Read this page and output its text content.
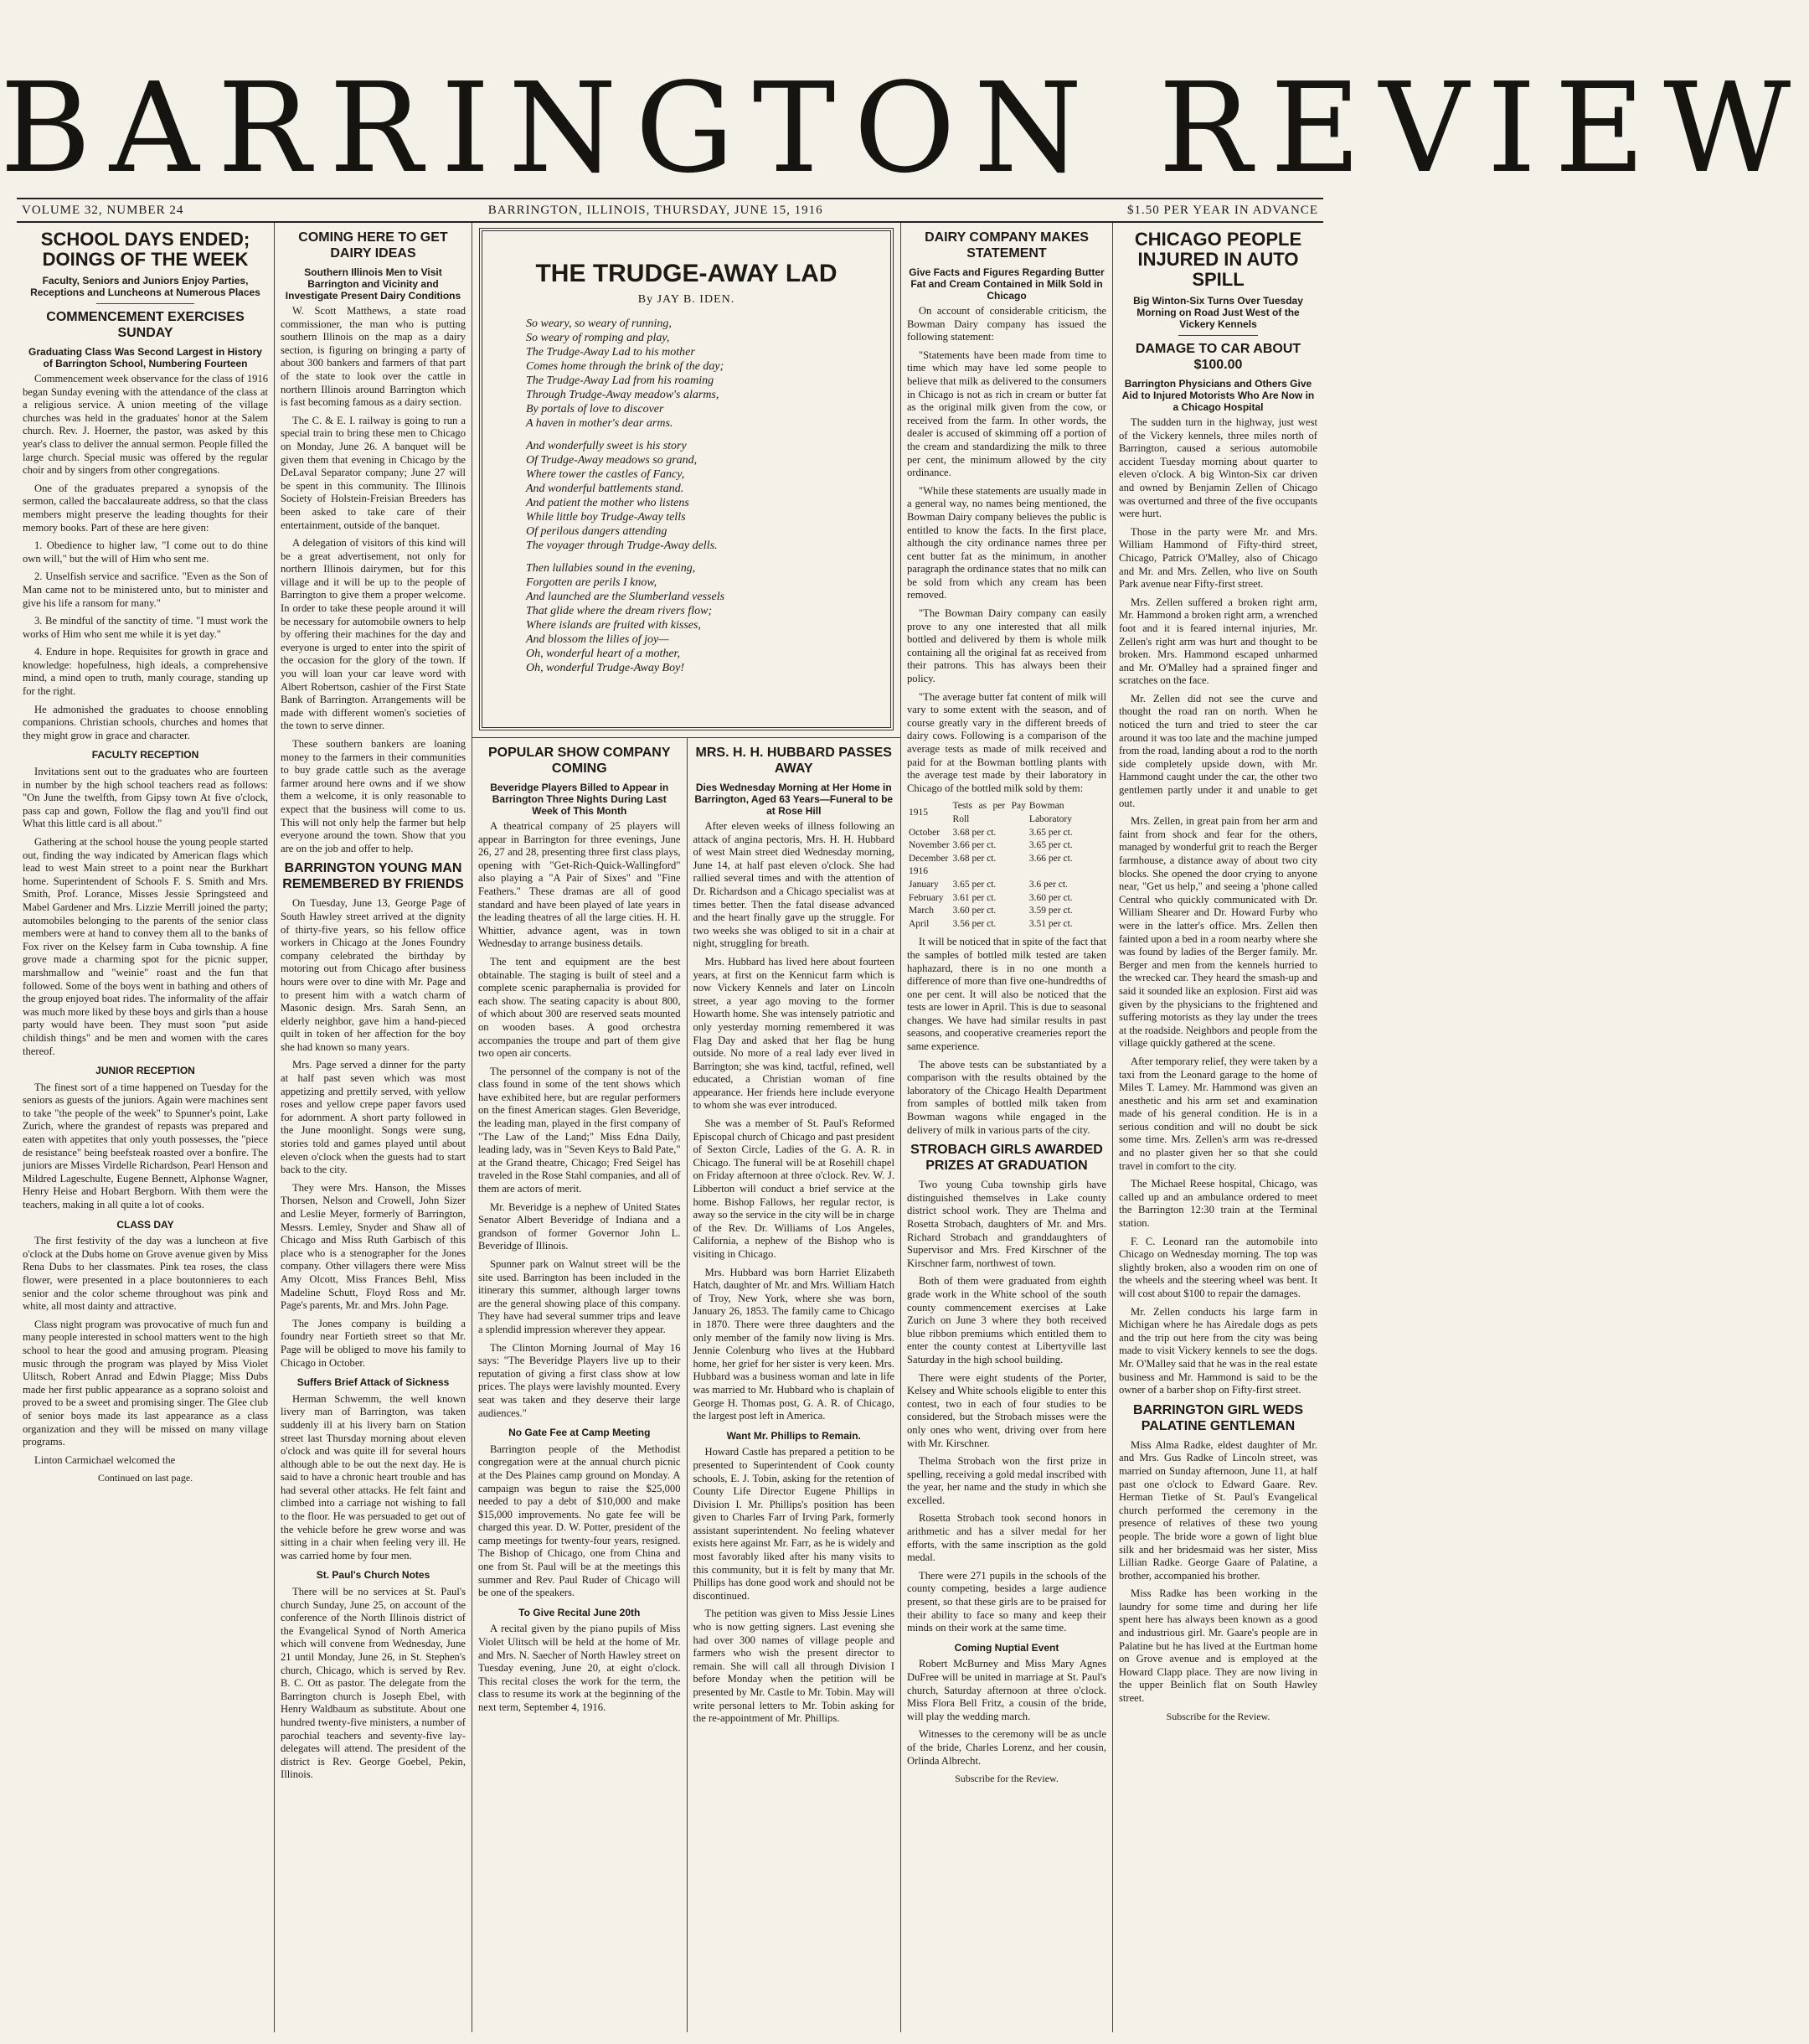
BARRINGTON REVIEW
VOLUME 32, NUMBER 24	BARRINGTON, ILLINOIS, THURSDAY, JUNE 15, 1916	$1.50 PER YEAR IN ADVANCE
SCHOOL DAYS ENDED; DOINGS OF THE WEEK
Faculty, Seniors and Juniors Enjoy Parties, Receptions and Luncheons at Numerous Places
COMMENCEMENT EXERCISES SUNDAY
Graduating Class Was Second Largest in History of Barrington School, Numbering Fourteen

Commencement week observance for the class of 1916 began Sunday evening with the attendance of the class at a religious service. A union meeting of the village churches was held in the graduates' honor at the Salem church. Rev. J. Hoerner, the pastor, was asked by this year's class to deliver the annual sermon. People filled the large church. Special music was offered by the regular choir and by singers from other congregations.

One of the graduates prepared a synopsis of the sermon, called the baccalaureate address, so that the class members might preserve the leading thoughts for their memory books. Part of these are here given:

1. Obedience to higher law, "I come out to do thine own will," but the will of Him who sent me.

2. Unselfish service and sacrifice. "Even as the Son of Man came not to be ministered unto, but to minister and give his life a ransom for many."

3. Be mindful of the sanctity of time. "I must work the works of Him who sent me while it is yet day."

4. Endure in hope. Requisites for growth in grace and knowledge: hopefulness, high ideals, a comprehensive mind, a mind open to truth, manly courage, standing up for the right.

He admonished the graduates to choose ennobling companions. Christian schools, churches and homes that they might grow in grace and character.

FACULTY RECEPTION

Invitations sent out to the graduates who are fourteen in number by the high school teachers read as follows: "On June the twelfth, from Gipsy town At five o'clock, pass cap and gown, Follow the flag and you'll find out What this little card is all about."

Gathering at the school house the young people started out, finding the way indicated by American flags which lead to west Main street to a point near the Burkhart home. Superintendent of Schools F. S. Smith and Mrs. Smith, Prof. Lorance, Misses Jessie Springsteed and Mabel Gardener and Mrs. Lizzie Merrill joined the party; automobiles belonging to the parents of the senior class members were at hand to convey them all to the banks of Fox river on the Kelsey farm in Cuba township. A fine grove made a charming spot for the picnic supper, marshmallow and "weinie" roast and the fun that followed. Some of the boys went in bathing and others of the group enjoyed boat rides. The informality of the affair was much more liked by these boys and girls than a house party would have been. They must soon "put aside childish things" and be men and women with the cares thereof.

JUNIOR RECEPTION

The finest sort of a time happened on Tuesday for the seniors as guests of the juniors. Again were machines sent to take "the people of the week" to Spunner's point, Lake Zurich, where the grandest of repasts was prepared and eaten with appetites that only youth possesses, the "piece de resistance" being beefsteak roasted over a bonfire. The juniors are Misses Virdelle Richardson, Pearl Henson and Mildred Lageschulte, Eugene Bennett, Alphonse Wagner, Henry Heise and Hobart Bergborn. With them were the teachers, making in all quite a lot of cooks.

CLASS DAY

The first festivity of the day was a luncheon at five o'clock at the Dubs home on Grove avenue given by Miss Rena Dubs to her classmates. Pink tea roses, the class flower, were presented in a place boutonnieres to each senior and the color scheme throughout was pink and white, all most dainty and attractive.

Class night program was provocative of much fun and many people interested in school matters went to the high school to hear the good and amusing program. Pleasing music through the program was played by Miss Violet Ulitsch, Robert Anrad and Edwin Plagge; Miss Dubs made her first public appearance as a soprano soloist and proved to be a sweet and promising singer. The Glee club of senior boys made its last appearance as a class organization and they will be missed on many village programs.

Linton Carmichael welcomed the

Continued on last page.
COMING HERE TO GET DAIRY IDEAS
Southern Illinois Men to Visit Barrington and Vicinity and Investigate Present Dairy Conditions

W. Scott Matthews, a state road commissioner, the man who is putting southern Illinois on the map as a dairy section, is figuring on bringing a party of about 300 bankers and farmers of that part of the state to look over the cattle in northern Illinois around Barrington which is fast becoming famous as a dairy section.

The C. & E. I. railway is going to run a special train to bring these men to Chicago on Monday, June 26. A banquet will be given them that evening in Chicago by the DeLaval Separator company; June 27 will be spent in this community. The Illinois Society of Holstein-Freisian Breeders has been asked to take care of their entertainment, outside of the banquet.

A delegation of visitors of this kind will be a great advertisement, not only for northern Illinois dairymen, but for this village and it will be up to the people of Barrington to give them a proper welcome. In order to take these people around it will be necessary for automobile owners to help by offering their machines for the day and everyone is urged to enter into the spirit of the occasion for the glory of the town. If you will loan your car leave word with Albert Robertson, cashier of the First State Bank of Barrington. Arrangements will be made with different women's societies of the town to serve dinner.

These southern bankers are loaning money to the farmers in their communities to buy grade cattle such as the average farmer around here owns and if we show them a welcome, it is only reasonable to expect that the business will come to us. This will not only help the farmer but help everyone around the town. Show that you are on the job and offer to help.

BARRINGTON YOUNG MAN REMEMBERED BY FRIENDS

On Tuesday, June 13, George Page of South Hawley street arrived at the dignity of thirty-five years, so his fellow office workers in Chicago at the Jones Foundry company celebrated the birthday by motoring out from Chicago after business hours were over to dine with Mr. Page and to present him with a watch charm of Masonic design. Mrs. Sarah Senn, an elderly neighbor, gave him a hand-pieced quilt in token of her affection for the boy she had known so many years.

Mrs. Page served a dinner for the party at half past seven which was most appetizing and prettily served, with yellow roses and yellow crepe paper favors used for adornment. A short party followed in the June moonlight. Songs were sung, stories told and games played until about eleven o'clock when the guests had to start back to the city.

They were Mrs. Hanson, the Misses Thorsen, Nelson and Crowell, John Sizer and Leslie Meyer, formerly of Barrington, Messrs. Lemley, Snyder and Shaw all of Chicago and Miss Ruth Garbisch of this place who is a stenographer for the Jones company. Other villagers there were Miss Amy Olcott, Miss Frances Behl, Miss Madeline Schutt, Floyd Ross and Mr. Page's parents, Mr. and Mrs. John Page.

The Jones company is building a foundry near Fortieth street so that Mr. Page will be obliged to move his family to Chicago in October.

Suffers Brief Attack of Sickness

Herman Schwemm, the well known livery man of Barrington, was taken suddenly ill at his livery barn on Station street last Thursday morning about eleven o'clock and was quite ill for several hours although able to be out the next day. He is said to have a chronic heart trouble and has had several other attacks. He felt faint and climbed into a carriage not wishing to fall to the floor. He was persuaded to get out of the vehicle before he grew worse and was sitting in a chair when feeling very ill. He was carried home by four men.

St. Paul's Church Notes

There will be no services at St. Paul's church Sunday, June 25, on account of the conference of the North Illinois district of the Evangelical Synod of North America which will convene from Wednesday, June 21 until Monday, June 26, in St. Stephen's church, Chicago, which is served by Rev. B. C. Ott as pastor. The delegate from the Barrington church is Joseph Ebel, with Henry Waldbaum as substitute. About one hundred twenty-five ministers, a number of parochial teachers and seventy-five lay-delegates will attend. The president of the district is Rev. George Goebel, Pekin, Illinois.

THE TRUDGE-AWAY LAD
By JAY B. IDEN.

So weary, so weary of running,
So weary of romping and play,
The Trudge-Away Lad to his mother
Comes home through the brink of the day;
The Trudge-Away Lad from his roaming
Through Trudge-Away meadow's alarms,
By portals of love to discover
A haven in mother's dear arms.

And wonderfully sweet is his story
Of Trudge-Away meadows so grand,
Where tower the castles of Fancy,
And wonderful battlements stand.
And patient the mother who listens
While little boy Trudge-Away tells
Of perilous dangers attending
The voyager through Trudge-Away dells.

Then lullabies sound in the evening,
Forgotten are perils I know,
And launched are the Slumberland vessels
That glide where the dream rivers flow;
Where islands are fruited with kisses,
And blossom the lilies of joy—
Oh, wonderful heart of a mother,
Oh, wonderful Trudge-Away Boy!

POPULAR SHOW COMPANY COMING
Beveridge Players Billed to Appear in Barrington Three Nights During Last Week of This Month

A theatrical company of 25 players will appear in Barrington for three evenings, June 26, 27 and 28, presenting three first class plays, opening with "Get-Rich-Quick-Wallingford" also playing a "A Pair of Sixes" and "Fine Feathers." These dramas are all of good standard and have been played of late years in the leading theatres of all the large cities. H. H. Whittier, advance agent, was in town Wednesday to arrange business details.

The tent and equipment are the best obtainable. The staging is built of steel and a complete scenic paraphernalia is provided for each show. The seating capacity is about 800, of which about 300 are reserved seats mounted on wooden bases. A good orchestra accompanies the troupe and part of them give two open air concerts.

The personnel of the company is not of the class found in some of the tent shows which have exhibited here, but are regular performers on the finest American stages. Glen Beveridge, the leading man, played in the first company of "The Law of the Land;" Miss Edna Daily, leading lady, was in "Seven Keys to Bald Pate," at the Grand theatre, Chicago; Fred Seigel has traveled in the Rose Stahl companies, and all of them are actors of merit.

Mr. Beveridge is a nephew of United States Senator Albert Beveridge of Indiana and a grandson of former Governor John L. Beveridge of Illinois.

Spunner park on Walnut street will be the site used. Barrington has been included in the itinerary this summer, although larger towns are the general showing place of this company. They have had several summer trips and leave a splendid impression wherever they appear.

The Clinton Morning Journal of May 16 says: "The Beveridge Players live up to their reputation of giving a first class show at low prices. The plays were lavishly mounted. Every seat was taken and they deserve their large audiences."

No Gate Fee at Camp Meeting

Barrington people of the Methodist congregation were at the annual church picnic at the Des Plaines camp ground on Monday. A campaign was begun to raise the $25,000 needed to pay a debt of $10,000 and make $15,000 improvements. No gate fee will be charged this year. D. W. Potter, president of the camp meetings for twenty-four years, resigned. The Bishop of Chicago, one from China and one from St. Paul will be at the meetings this summer and Rev. Paul Ruder of Chicago will be one of the speakers.

To Give Recital June 20th

A recital given by the piano pupils of Miss Violet Ulitsch will be held at the home of Mr. and Mrs. N. Saecher of North Hawley street on Tuesday evening, June 20, at eight o'clock. This recital closes the work for the term, the class to resume its work at the beginning of the next term, September 4, 1916.

MRS. H. H. HUBBARD PASSES AWAY
Dies Wednesday Morning at Her Home in Barrington, Aged 63 Years—Funeral to be at Rose Hill

After eleven weeks of illness following an attack of angina pectoris, Mrs. H. H. Hubbard of west Main street died Wednesday morning, June 14, at half past eleven o'clock. She had rallied several times and with the attention of Dr. Richardson and a Chicago specialist was at times better. Then the fatal disease advanced and the heart finally gave up the struggle. For two weeks she was obliged to sit in a chair at night, struggling for breath.

Mrs. Hubbard has lived here about fourteen years, at first on the Kennicut farm which is now Vickery Kennels and later on Lincoln street, a year ago moving to the former Howarth home. She was intensely patriotic and only yesterday morning remembered it was Flag Day and asked that her flag be hung outside. No more of a real lady ever lived in Barrington; she was kind, tactful, refined, well educated, a Christian woman of fine appearance. Her friends here include everyone to whom she was ever introduced.

She was a member of St. Paul's Reformed Episcopal church of Chicago and past president of Sexton Circle, Ladies of the G. A. R. in Chicago. The funeral will be at Rosehill chapel on Friday afternoon at three o'clock. Rev. W. J. Libberton will conduct a brief service at the home. Bishop Fallows, her regular rector, is away so the service in the city will be in charge of the Rev. Dr. Williams of Los Angeles, California, a nephew of the Bishop who is visiting in Chicago.

Mrs. Hubbard was born Harriet Elizabeth Hatch, daughter of Mr. and Mrs. William Hatch of Troy, New York, where she was born, January 26, 1853. The family came to Chicago in 1870. There were three daughters and the only member of the family now living is Mrs. Jennie Colenburg who lives at the Hubbard home, her grief for her sister is very keen. Mrs. Hubbard was a business woman and late in life was married to Mr. Hubbard who is chaplain of George H. Thomas post, G. A. R. of Chicago, the largest post left in America.

Want Mr. Phillips to Remain.

Howard Castle has prepared a petition to be presented to Superintendent of Cook county schools, E. J. Tobin, asking for the retention of County Life Director Eugene Phillips in Division I. Mr. Phillips's position has been given to Charles Farr of Irving Park, formerly assistant superintendent. No feeling whatever exists here against Mr. Farr, as he is widely and most favorably liked after his many visits to this community, but it is felt by many that Mr. Phillips has done good work and should not be discontinued.

The petition was given to Miss Jessie Lines who is now getting signers. Last evening she had over 300 names of village people and farmers who wish the present director to remain. She will call all through Division I before Monday when the petition will be presented by Mr. Castle to Mr. Tobin. May will write personal letters to Mr. Tobin asking for the re-appointment of Mr. Phillips.

DAIRY COMPANY MAKES STATEMENT
Give Facts and Figures Regarding Butter Fat and Cream Contained in Milk Sold in Chicago

On account of considerable criticism, the Bowman Dairy company has issued the following statement:

"Statements have been made from time to time which may have led some people to believe that milk as delivered to the consumers in Chicago is not as rich in cream or butter fat as the original milk given from the cow, or received from the farm. In other words, the dealer is accused of skimming off a portion of the cream and standardizing the milk to three per cent, the minimum allowed by the city ordinance.

"While these statements are usually made in a general way, no names being mentioned, the Bowman Dairy company believes the public is entitled to know the facts. In the first place, although the city ordinance names three per cent butter fat as the minimum, in another paragraph the ordinance states that no milk can be sold from which any cream has been removed.

"The Bowman Dairy company can easily prove to any one interested that all milk bottled and delivered by them is whole milk containing all the original fat as received from their patrons. This has always been their policy.

"The average butter fat content of milk will vary to some extent with the season, and of course greatly vary in the different breeds of dairy cows. Following is a comparison of the average tests as made of milk received and paid for at the Bowman bottling plants with the average test made by their laboratory in Chicago of the bottled milk sold by them:

1915	Tests as per Pay Roll	Bowman Laboratory
October	3.68 per ct.	3.65 per ct.
November	3.66 per ct.	3.65 per ct.
December	3.68 per ct.	3.66 per ct.
1916		
January	3.65 per ct.	3.6 per ct.
February	3.61 per ct.	3.60 per ct.
March	3.60 per ct.	3.59 per ct.
April	3.56 per ct.	3.51 per ct.

It will be noticed that in spite of the fact that the samples of bottled milk tested are taken haphazard, there is in no one month a difference of more than five one-hundredths of one per cent. It will also be noticed that the tests are lower in April. This is due to seasonal changes. We have had similar results in past seasons, and cooperative creameries report the same experience.

The above tests can be substantiated by a comparison with the results obtained by the laboratory of the Chicago Health Department from samples of bottled milk taken from Bowman wagons while engaged in the delivery of milk in various parts of the city.

STROBACH GIRLS AWARDED PRIZES AT GRADUATION

Two young Cuba township girls have distinguished themselves in Lake county district school work. They are Thelma and Rosetta Strobach, daughters of Mr. and Mrs. Richard Strobach and granddaughters of Supervisor and Mrs. Fred Kirschner of the Kirschner farm, northwest of town.

Both of them were graduated from eighth grade work in the White school of the south county commencement exercises at Lake Zurich on June 3 where they both received blue ribbon premiums which entitled them to enter the county contest at Libertyville last Saturday in the high school building.

There were eight students of the Porter, Kelsey and White schools eligible to enter this contest, two in each of four studies to be considered, but the Strobach misses were the only ones who went, driving over from here with Mr. Kirschner.

Thelma Strobach won the first prize in spelling, receiving a gold medal inscribed with the year, her name and the study in which she excelled.

Rosetta Strobach took second honors in arithmetic and has a silver medal for her efforts, with the same inscription as the gold medal.

There were 271 pupils in the schools of the county competing, besides a large audience present, so that these girls are to be praised for their ability to face so many and keep their minds on their work at the same time.

Coming Nuptial Event

Robert McBurney and Miss Mary Agnes DuFree will be united in marriage at St. Paul's church, Saturday afternoon at three o'clock. Miss Flora Bell Fritz, a cousin of the bride, will play the wedding march.

Witnesses to the ceremony will be as uncle of the bride, Charles Lorenz, and her cousin, Orlinda Albrecht.

Subscribe for the Review.
CHICAGO PEOPLE INJURED IN AUTO SPILL
Big Winton-Six Turns Over Tuesday Morning on Road Just West of the Vickery Kennels
DAMAGE TO CAR ABOUT $100.00
Barrington Physicians and Others Give Aid to Injured Motorists Who Are Now in a Chicago Hospital

The sudden turn in the highway, just west of the Vickery kennels, three miles north of Barrington, caused a serious automobile accident Tuesday morning about quarter to eleven o'clock. A big Winton-Six car driven and owned by Benjamin Zellen of Chicago was overturned and three of the five occupants were hurt.

Those in the party were Mr. and Mrs. William Hammond of Fifty-third street, Chicago, Patrick O'Malley, also of Chicago and Mr. and Mrs. Zellen, who live on South Park avenue near Fifty-first street.

Mrs. Zellen suffered a broken right arm, Mr. Hammond a broken right arm, a wrenched foot and it is feared internal injuries, Mr. Zellen's right arm was hurt and thought to be broken. Mrs. Hammond escaped unharmed and Mr. O'Malley had a sprained finger and scratches on the face.

Mr. Zellen did not see the curve and thought the road ran on north. When he noticed the turn and tried to steer the car around it was too late and the machine jumped from the road, landing about a rod to the north side completely upside down, with Mr. Hammond caught under the car, the other two gentlemen partly under it and unable to get out.

Mrs. Zellen, in great pain from her arm and faint from shock and fear for the others, managed by wonderful grit to reach the Berger farmhouse, a distance away of about two city blocks. She opened the door crying to anyone near, "Get us help," and seeing a 'phone called Central who quickly communicated with Dr. William Shearer and Dr. Howard Furby who were in the latter's office. Mrs. Zellen then fainted upon a bed in a room nearby where she was found by ladies of the Berger family. Mr. Berger and men from the kennels hurried to the wrecked car. They heard the smash-up and said it sounded like an explosion. First aid was given by the physicians to the frightened and suffering motorists as they lay under the trees at the roadside. Neighbors and people from the village quickly gathered at the scene.

After temporary relief, they were taken by a taxi from the Leonard garage to the home of Miles T. Lamey. Mr. Hammond was given an anesthetic and his arm set and examination made of his general condition. He is in a serious condition and will no doubt be sick some time. Mrs. Zellen's arm was re-dressed and no plaster given her so that she could travel in comfort to the city.

The Michael Reese hospital, Chicago, was called up and an ambulance ordered to meet the Barrington 12:30 train at the Terminal station.

F. C. Leonard ran the automobile into Chicago on Wednesday morning. The top was slightly broken, also a wooden rim on one of the wheels and the steering wheel was bent. It will cost about $100 to repair the damages.

Mr. Zellen conducts his large farm in Michigan where he has Airedale dogs as pets and the trip out here from the city was being made to visit Vickery kennels to see the dogs. Mr. O'Malley said that he was in the real estate business and Mr. Hammond is said to be the owner of a barber shop on Fifty-first street.

BARRINGTON GIRL WEDS PALATINE GENTLEMAN

Miss Alma Radke, eldest daughter of Mr. and Mrs. Gus Radke of Lincoln street, was married on Sunday afternoon, June 11, at half past one o'clock to Edward Gaare. Rev. Herman Tietke of St. Paul's Evangelical church performed the ceremony in the presence of relatives of these two young people. The bride wore a gown of light blue silk and her bridesmaid was her sister, Miss Lillian Radke. George Gaare of Palatine, a brother, accompanied his brother.

Miss Radke has been working in the laundry for some time and during her life spent here has always been known as a good and industrious girl. Mr. Gaare's people are in Palatine but he has lived at the Eurtman home on Grove avenue and is employed at the Howard Clapp place. They are now living in the upper Beinlich flat on South Hawley street.

Subscribe for the Review.
